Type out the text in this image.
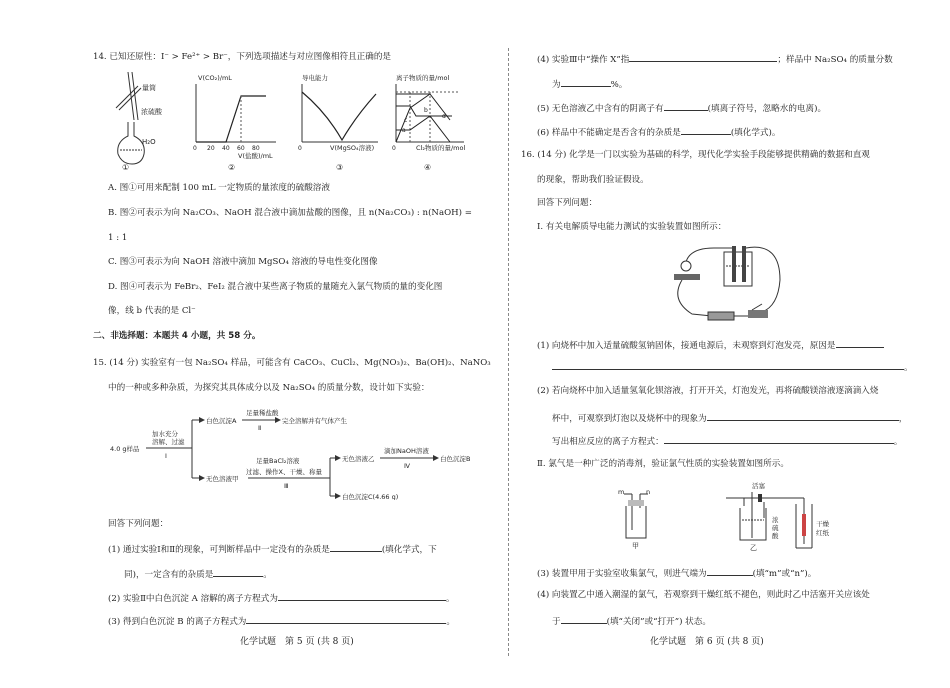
14. 已知还原性：I⁻ > Fe²⁺ > Br⁻，下列选项描述与对应图像相符且正确的是
量筒
浓硫酸
H₂O
①
V(CO₂)/mL
0 20 40 60 80
V(盐酸)/mL
②
导电能力
0	V(MgSO₄溶液)
③
离子物质的量/mol
a
b
c
d
0	Cl₂物质的量/mol
④
A. 图①可用来配制 100 mL 一定物质的量浓度的硫酸溶液
B. 图②可表示为向 Na₂CO₃、NaOH 混合液中滴加盐酸的图像，且 n(Na₂CO₃) : n(NaOH) =
1 : 1
C. 图③可表示为向 NaOH 溶液中滴加 MgSO₄ 溶液的导电性变化图像
D. 图④可表示为 FeBr₂、FeI₂ 混合液中某些离子物质的量随充入氯气物质的量的变化图
像，线 b 代表的是 Cl⁻
二、非选择题：本题共 4 小题，共 58 分。
15. (14 分) 实验室有一包 Na₂SO₄ 样品，可能含有 CaCO₃、CuCl₂、Mg(NO₃)₂、Ba(OH)₂、NaNO₃
中的一种或多种杂质，为探究其具体成分以及 Na₂SO₄ 的质量分数，设计如下实验：
4.0 g样品
加水充分
溶解、过滤
Ⅰ
白色沉淀A
足量稀盐酸
Ⅱ
完全溶解并有气体产生
无色溶液甲
足量BaCl₂溶液
过滤、操作X、干燥、称量
Ⅲ
无色溶液乙
滴加NaOH溶液
Ⅳ
白色沉淀B
白色沉淀C(4.66 g)
回答下列问题：
(1) 通过实验Ⅰ和Ⅱ的现象，可判断样品中一定没有的杂质是	(填化学式，下
同)，一定含有的杂质是	。
(2) 实验Ⅱ中白色沉淀 A 溶解的离子方程式为	。
(3) 得到白色沉淀 B 的离子方程式为	。
化学试题　第 5 页 (共 8 页)
(4) 实验Ⅲ中“操作 X”指	；样品中 Na₂SO₄ 的质量分数
为	%。
(5) 无色溶液乙中含有的阴离子有	(填离子符号，忽略水的电离)。
(6) 样品中不能确定是否含有的杂质是	(填化学式)。
16. (14 分) 化学是一门以实验为基础的科学，现代化学实验手段能够提供精确的数据和直观
的现象，帮助我们验证假设。
回答下列问题：
Ⅰ. 有关电解质导电能力测试的实验装置如图所示：
(1) 向烧杯中加入适量硫酸氢钠固体，接通电源后，未观察到灯泡发亮，原因是
。
(2) 若向烧杯中加入适量氢氧化钡溶液，打开开关，灯泡发光，再将硫酸镁溶液逐滴滴入烧
杯中，可观察到灯泡以及烧杯中的现象为	，
写出相应反应的离子方程式：	。
Ⅱ. 氯气是一种广泛的消毒剂，验证氯气性质的实验装置如图所示。
m	n
甲
活塞
浓
硫
酸
干燥
红纸
乙
(3) 装置甲用于实验室收集氯气，则进气端为	(填“m”或“n”)。
(4) 向装置乙中通入潮湿的氯气，若观察到干燥红纸不褪色，则此时乙中活塞开关应该处
于	(填“关闭”或“打开”) 状态。
化学试题　第 6 页 (共 8 页)
